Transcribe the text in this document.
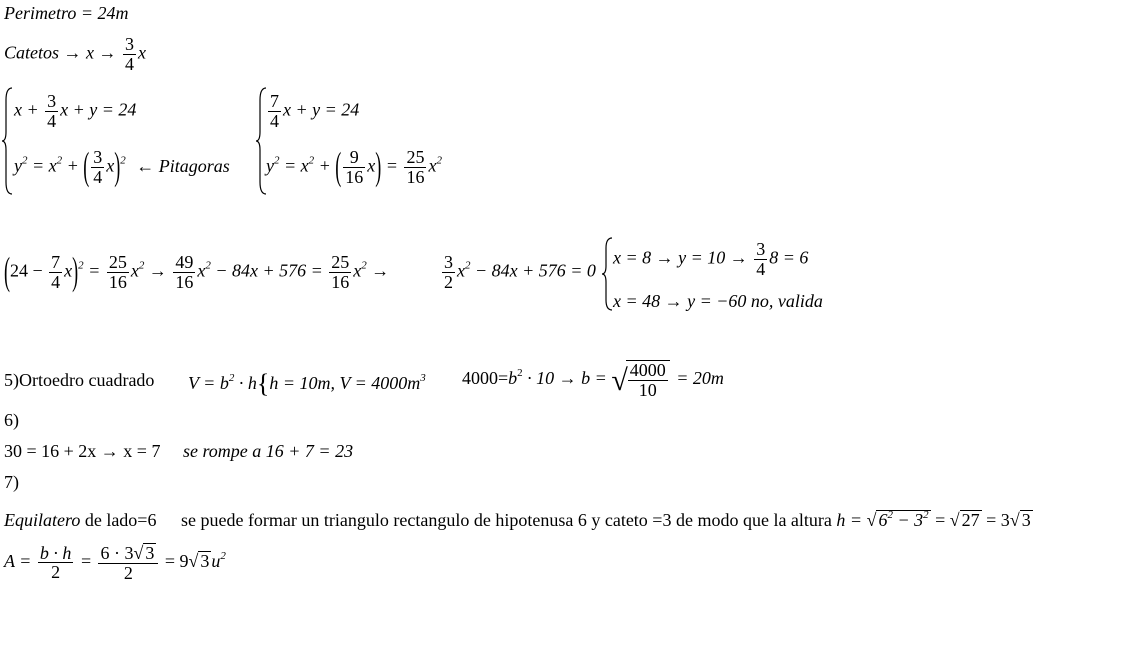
Perimetro = 24m
Catetos → $x \to \frac{3}{4}$ x
$x + \frac{3}{4}$ x + y = 24
$y^2 = x^2$ + ( $\frac{3}{4} x)^2$ ← Pitagoras
$\frac{7}{4}$ x + y = 24
$y^2 = x^2$ + ( $\frac{9}{16} x) = \frac{25}{16} x^2$
$(24 - \frac{7}{4} x)^2 = \frac{25}{16} x^2 \to \frac{49}{16} x^2 - 84x + 576 = \frac{25}{16} x^2$ →	$\frac{3}{2} x^2 - 84x + 576 = 0$
$x = 8 \to y = 10 \to \frac{3}{4} 8 = 6$
x = 48 → y = −60 no, valida
5)Ortoedro cuadrado $V = b^2 \cdot h\{h = 10m$, $V = 4000m^3$ $4000=b^2 \cdot 10 \to b$ = √
$\frac{4000}{10} = 20m$
6)
30 = 16 + 2x → x = 7 se rompe a 16 + 7 = 23
7)
Equilatero de lado=6 se puede formar un triangulo rectangulo de hipotenusa 6 y cateto =3 de modo que la altura h = √ $6^2 - 3^2$ = √ 27 = 3√ 3
$A = \frac{b \cdot h}{2} = \frac{6 \cdot 3√ 3}{2} = 9√$ 3 $u^2$
